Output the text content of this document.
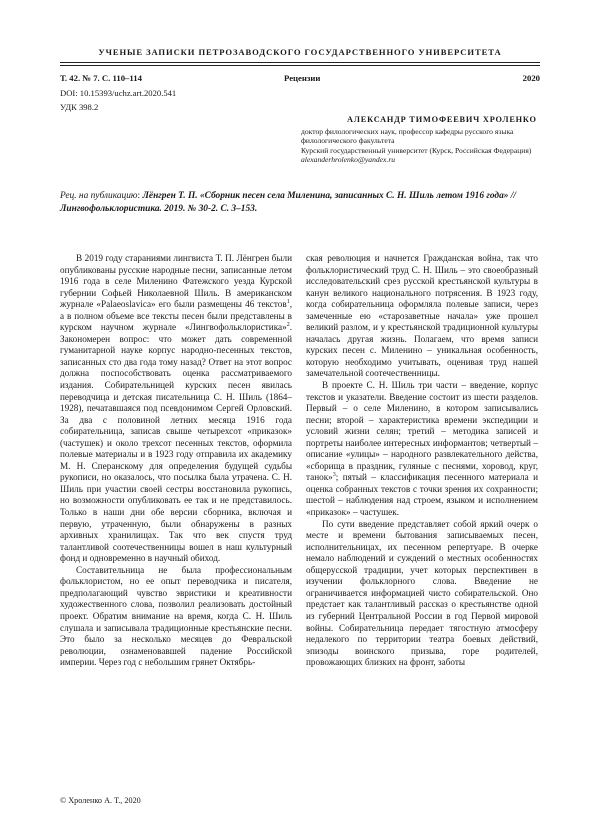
УЧЕНЫЕ ЗАПИСКИ ПЕТРОЗАВОДСКОГО ГОСУДАРСТВЕННОГО УНИВЕРСИТЕТА
Т. 42. № 7. С. 110–114	Рецензии	2020
DOI: 10.15393/uchz.art.2020.541
УДК 398.2
АЛЕКСАНДР ТИМОФЕЕВИЧ ХРОЛЕНКО
доктор филологических наук, профессор кафедры русского языка филологического факультета
Курский государственный университет (Курск, Российская Федерация)
alexanderhrolenko@yandex.ru
Рец. на публикацию: Лёнгрен Т. П. «Сборник песен села Миленина, записанных С. Н. Шиль летом 1916 года» // Лингвофольклористика. 2019. № 30-2. С. 3–153.

В 2019 году стараниями лингвиста Т. П. Лёнгрен были опубликованы русские народные песни, записанные летом 1916 года в селе Миленино Фатежского уезда Курской губернии Софьей Николаевной Шиль. В американском журнале «Palaeoslavica» его были размещены 46 текстов$^1$, а в полном объеме все тексты песен были представлены в курском научном журнале «Лингвофольклористика»$^2$. Закономерен вопрос: что может дать современной гуманитарной науке корпус народно-песенных текстов, записанных сто два года тому назад? Ответ на этот вопрос должна поспособствовать оценка рассматриваемого издания. Собирательницей курских песен явилась переводчица и детская писательница С. Н. Шиль (1864–1928), печатавшаяся под псевдонимом Сергей Орловский. За два с половиной летних месяца 1916 года собирательница, записав свыше четырехсот «приказок» (частушек) и около трехсот песенных текстов, оформила полевые материалы и в 1923 году отправила их академику М. Н. Сперанскому для определения будущей судьбы рукописи, но оказалось, что посылка была утрачена. С. Н. Шиль при участии своей сестры восстановила рукопись, но возможности опубликовать ее так и не представилось. Только в наши дни обе версии сборника, включая и первую, утраченную, были обнаружены в разных архивных хранилищах. Так что век спустя труд талантливой соотечественницы вошел в наш культурный фонд и одновременно в научный обиход.

Составительница не была профессиональным фольклористом, но ее опыт переводчика и писателя, предполагающий чувство эвристики и креативности художественного слова, позволил реализовать достойный проект. Обратим внимание на время, когда С. Н. Шиль слушала и записывала традиционные крестьянские песни. Это было за несколько месяцев до Февральской революции, ознаменовавшей падение Российской империи. Через год с небольшим грянет Октябрь-

ская революция и начнется Гражданская война, так что фольклористический труд С. Н. Шиль – это своеобразный исследовательский срез русской крестьянской культуры в канун великого национального потрясения. В 1923 году, когда собирательница оформляла полевые записи, через замеченные ею «старозаветные начала» уже прошел великий разлом, и у крестьянской традиционной культуры началась другая жизнь. Полагаем, что время записи курских песен с. Миленино – уникальная особенность, которую необходимо учитывать, оценивая труд нашей замечательной соотечественницы.

В проекте С. Н. Шиль три части – введение, корпус текстов и указатели. Введение состоит из шести разделов. Первый – о селе Миленино, в котором записывались песни; второй – характеристика времени экспедиции и условий жизни селян; третий – методика записей и портреты наиболее интересных информантов; четвертый – описание «улицы» – народного развлекательного действа, «сборища в праздник, гуляные с песнями, хоровод, круг, танок»$^3$; пятый – классификация песенного материала и оценка собранных текстов с точки зрения их сохранности; шестой – наблюдения над строем, языком и исполнением «приказок» – частушек.

По сути введение представляет собой яркий очерк о месте и времени бытования записываемых песен, исполнительницах, их песенном репертуаре. В очерке немало наблюдений и суждений о местных особенностях общерусской традиции, учет которых перспективен в изучении фольклорного слова. Введение не ограничивается информацией чисто собирательской. Оно предстает как талантливый рассказ о крестьянстве одной из губерний Центральной России в год Первой мировой войны. Собирательница передает тягостную атмосферу недалекого по территории театра боевых действий, эпизоды воинского призыва, горе родителей, провожающих близких на фронт, заботы

© Хроленко А. Т., 2020
